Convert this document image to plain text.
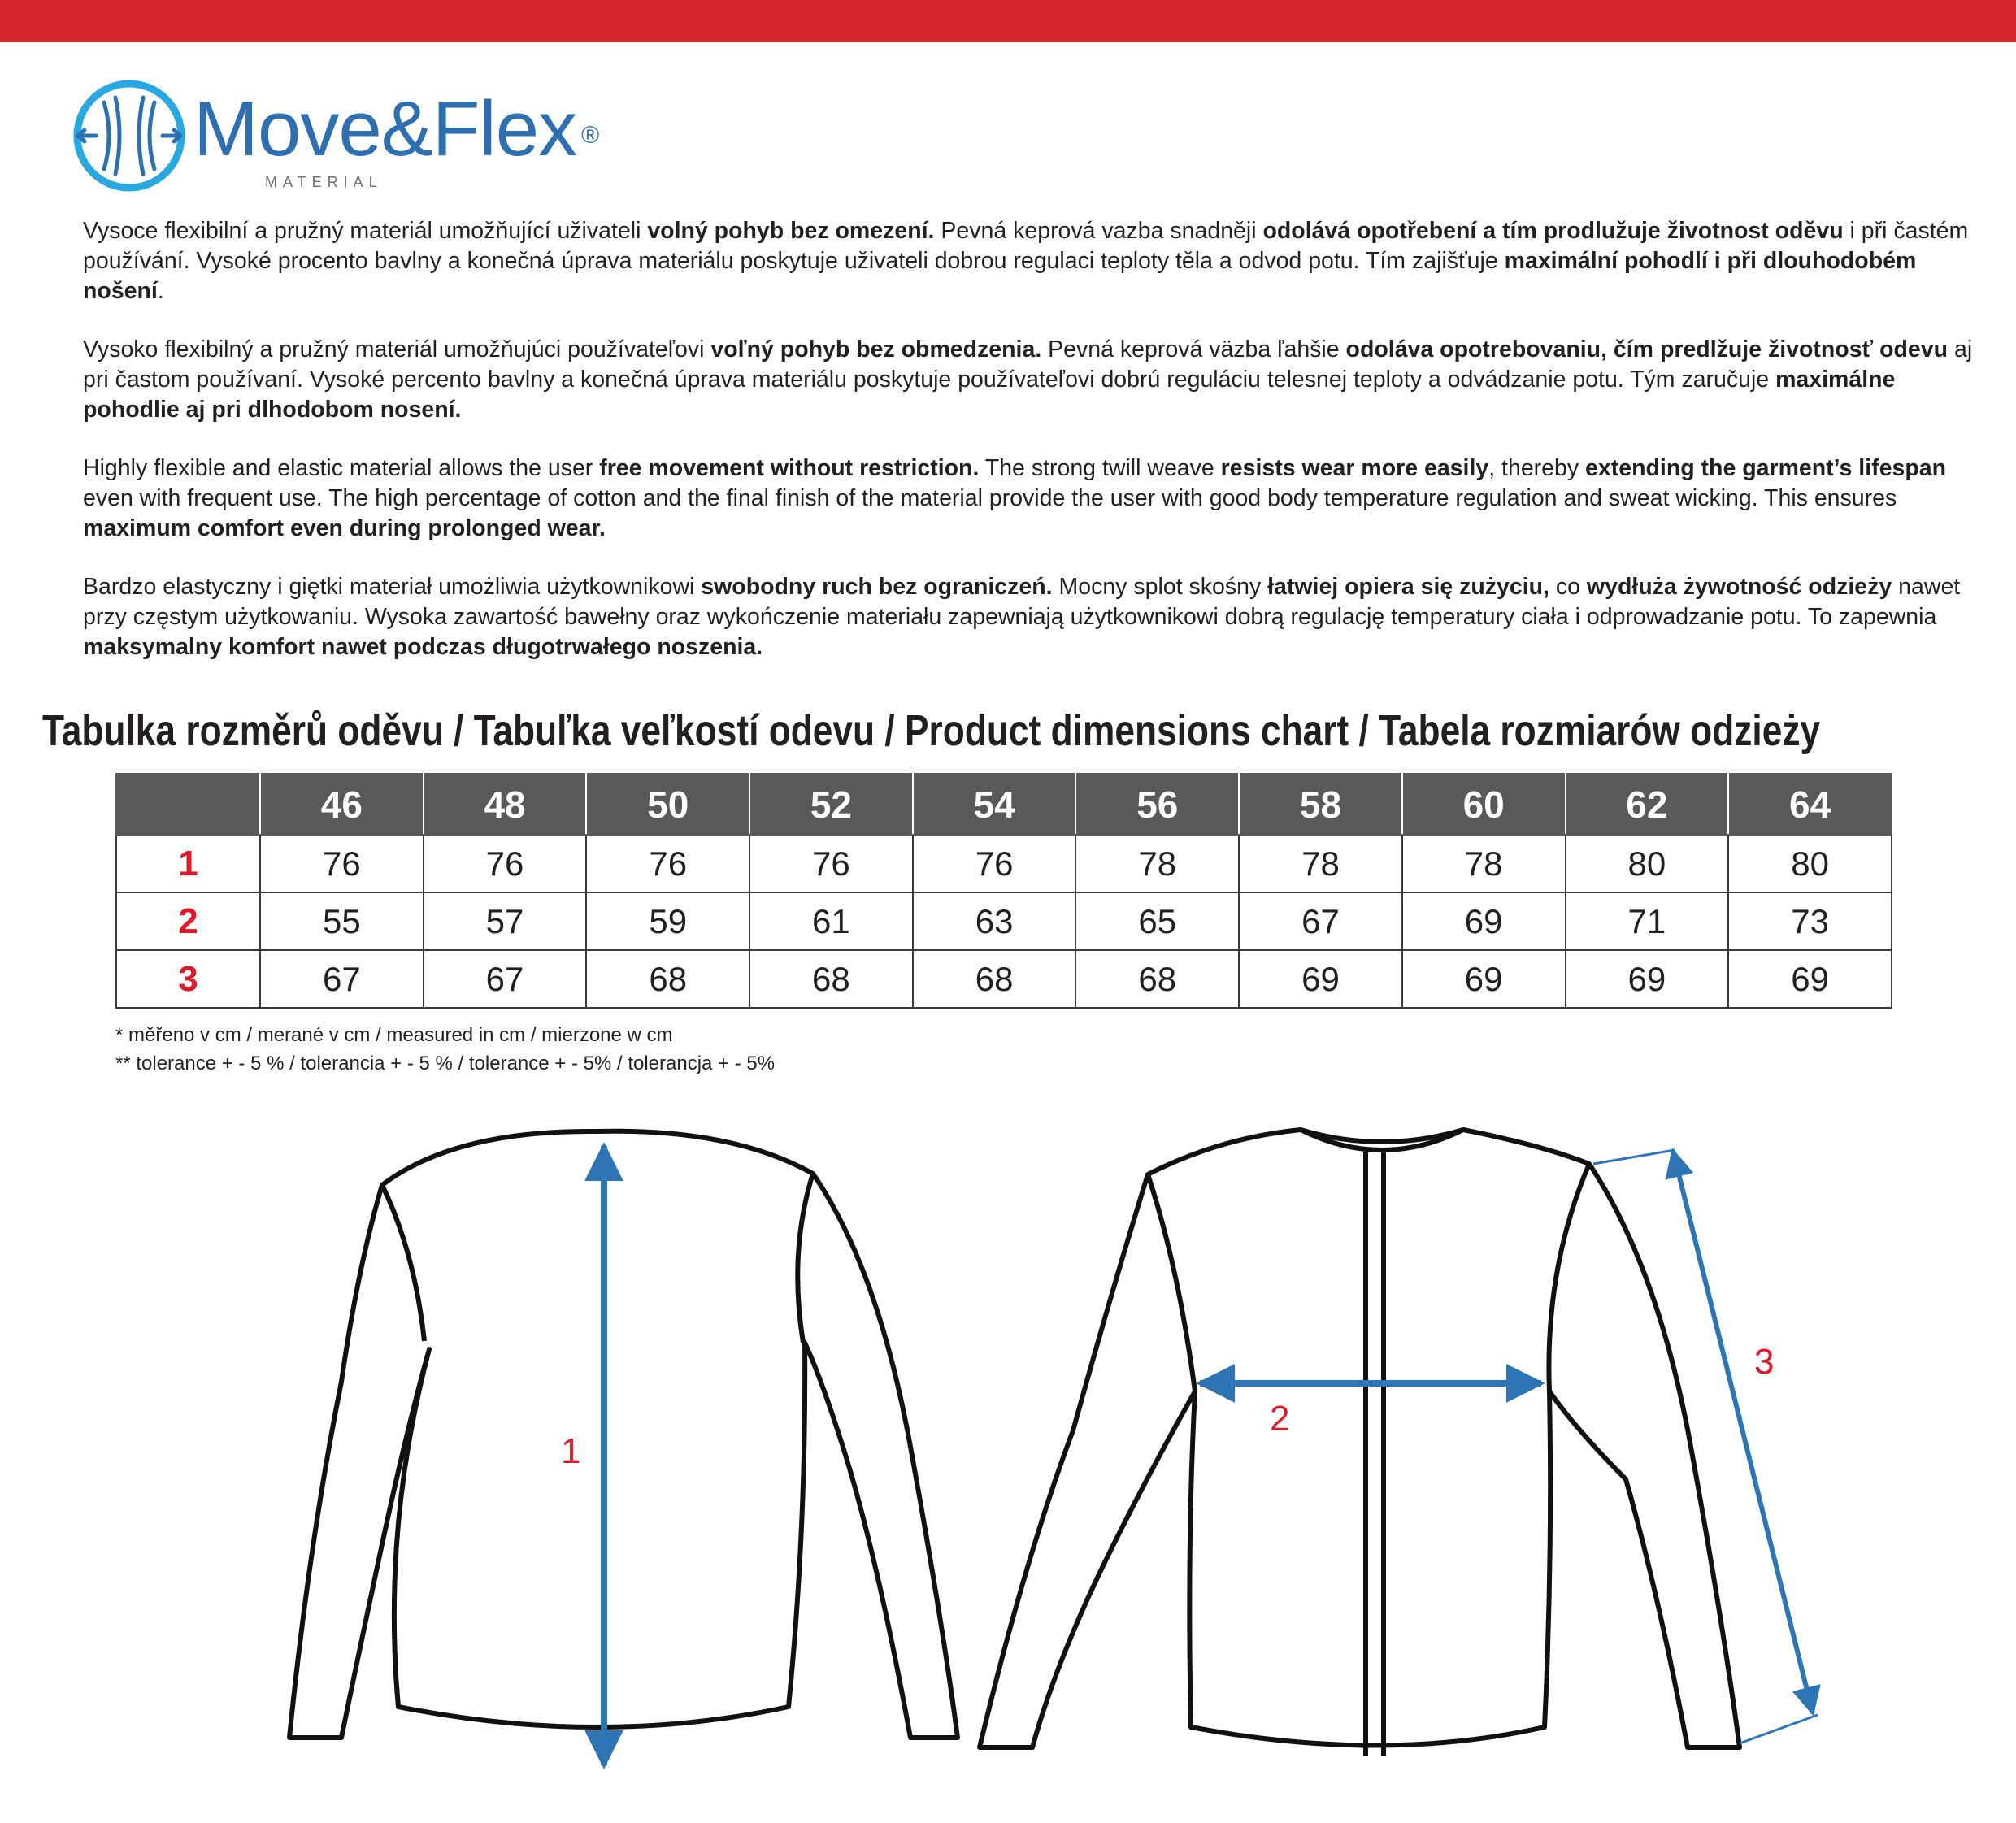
Move&Flex ®
MATERIAL

Vysoce flexibilní a pružný materiál umožňující uživateli volný pohyb bez omezení. Pevná keprová vazba snadněji odolává opotřebení a tím prodlužuje životnost oděvu i při častém používání. Vysoké procento bavlny a konečná úprava materiálu poskytuje uživateli dobrou regulaci teploty těla a odvod potu. Tím zajišťuje maximální pohodlí i při dlouhodobém nošení.

Vysoko flexibilný a pružný materiál umožňujúci používateľovi voľný pohyb bez obmedzenia. Pevná keprová väzba ľahšie odoláva opotrebovaniu, čím predlžuje životnosť odevu aj pri častom používaní. Vysoké percento bavlny a konečná úprava materiálu poskytuje používateľovi dobrú reguláciu telesnej teploty a odvádzanie potu. Tým zaručuje maximálne pohodlie aj pri dlhodobom nosení.

Highly flexible and elastic material allows the user free movement without restriction. The strong twill weave resists wear more easily, thereby extending the garment’s lifespan even with frequent use. The high percentage of cotton and the final finish of the material provide the user with good body temperature regulation and sweat wicking. This ensures maximum comfort even during prolonged wear.

Bardzo elastyczny i giętki materiał umożliwia użytkownikowi swobodny ruch bez ograniczeń. Mocny splot skośny łatwiej opiera się zużyciu, co wydłuża żywotność odzieży nawet przy częstym użytkowaniu. Wysoka zawartość bawełny oraz wykończenie materiału zapewniają użytkownikowi dobrą regulację temperatury ciała i odprowadzanie potu. To zapewnia maksymalny komfort nawet podczas długotrwałego noszenia.

Tabulka rozměrů oděvu / Tabuľka veľkostí odevu / Product dimensions chart / Tabela rozmiarów odzieży
	46	48	50	52	54	56	58	60	62	64
1	76	76	76	76	76	78	78	78	80	80
2	55	57	59	61	63	65	67	69	71	73
3	67	67	68	68	68	68	69	69	69	69
* měřeno v cm / merané v cm / measured in cm / mierzone w cm
** tolerance + - 5 % / tolerancia + - 5 % / tolerance + - 5% / tolerancja + - 5%
1
2
3
